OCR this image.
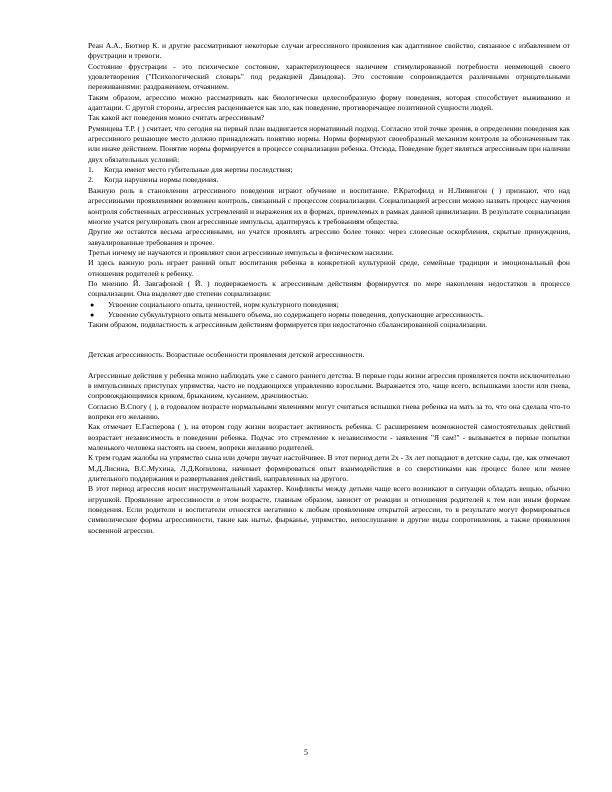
Реан А.А., Бютнер К. и другие рассматривают некоторые случаи агрессивного проявления как адаптивное свойство, связанное с избавлением от фрустрации и тревоги.

Состояние фрустрации - это психическое состояние, характеризующееся наличием стимулированной потребности неимеющей своего удовлетворения ("Психологический словарь" под редакцией Давыдова). Это состояние сопровождается различными отрицательными переживаниями: раздражением, отчаянием.

Таким образом, агрессию можно рассматривать как биологически целесообразную форму поведения, которая способствует выживанию и адаптации. С другой стороны, агрессия расценивается как зло, как поведение, противоречащее позитивной сущности людей.

Так какой акт поведения можно считать агрессивным?

Румянцева Т.Р. ( ) считает, что сегодня на первый план выдвигается нормативный подход. Согласно этой точке зрения, в определении поведения как агрессивного решающее место должно принадлежать понятию нормы. Нормы формируют своеобразный механизм контроля за обозначенным так или иначе действием. Понятие нормы формируется в процессе социализации ребенка. Отсюда, Поведение будет являться агрессивным при наличии двух обязательных условий:

1.	Когда имеют место губительные для жертвы последствия;
2.	Когда нарушены нормы поведения.

Важную роль в становлении агрессивного поведения играют обучение и воспитание. Р.Кратофилд и Н.Ливингон ( ) признают, что над агрессивными проявлениями возможен контроль, связанный с процессом социализации. Социализацией агрессии можно назвать процесс научения контроля собственных агрессивных устремлений и выражения их в формах, приемлемых в рамках данной цивилизации. В результате социализации многие учатся регулировать свои агрессивные импульсы, адаптируясь к требованиям общества.

Другие же остаются весьма агрессивными, но учатся проявлять агрессию более тонко: через словесные оскорбления, скрытые принуждения, завуалированные требования и прочее.

Третьи ничему не научаются и проявляют свои агрессивные импульсы в физическом насилии.

И здесь важную роль играет ранний опыт воспитания ребенка в конкретной культурной среде, семейные традиции и эмоциональный фон отношения родителей к ребенку.

По мнению Й. Завгафоной ( Й. ) подвержаемость к агрессивным действиям формируется по мере накопления недостатков в процессе социализации. Она выделяет две степени социализации:

●	Усвоение социального опыта, ценностей, норм культурного поведения;
●	Усвоение субкультурного опыта меньшего объема, но содержащего нормы поведения, допускающие агрессивность.

Таким образом, подвластность к агрессивным действиям формируется при недостаточно сбалансированной социализации.

Детская агрессивность. Возрастные особенности проявления детской агрессивности.

Агрессивные действия у ребенка можно наблюдать уже с самого раннего детства. В первые годы жизни агрессия проявляется почти исключительно в импульсивных приступах упрямства, часто не поддающихся управлению взрослыми. Выражается это, чаще всего, вспышками злости или гнева, сопровождающимися криком, брыканием, кусанием, драчливостью.

Согласно В.Спогу ( ), в годовалом возрасте нормальными явлениями могут считаться вспышки гнева ребенка на мать за то, что она сделала что-то вопреки его желанию.

Как отмечает Е.Гасперова ( ), на втором году жизни возрастает активность ребенка. С расширением возможностей самостоятельных действий возрастает независимость в поведении ребенка. Подчас это стремление к независимости - заявления "Я сам!" - вызывается в первые попытки маленького человека настоять на своем, вопреки желанию родителей.

К трем годам жалобы на упрямство сына или дочери звучат настойчивее. В этот период дети 2х - 3х лет попадают в детские сады, где, как отмечают М.Д.Лисина, В.С.Мухина, Л.Д.Копилова, начинает формироваться опыт взаимодействия в со сверстниками как процесс более или менее длительного поддержания и развертывания действий, направленных на другого.

В этот период агрессия носит инструментальный характер. Конфликты между детьми чаще всего возникают в ситуации обладать вещью, обычно игрушкой. Проявление агрессивности в этом возрасте, главным образом, зависит от реакции и отношения родителей к тем или иным формам поведения. Если родители и воспитатели относятся негативно к любым проявлениям открытой агрессии, то в результате могут формироваться символические формы агрессивности, такие как нытье, фырканье, упрямство, непослушание и другие виды сопротивления, а также проявления косвенной агрессии.

5
